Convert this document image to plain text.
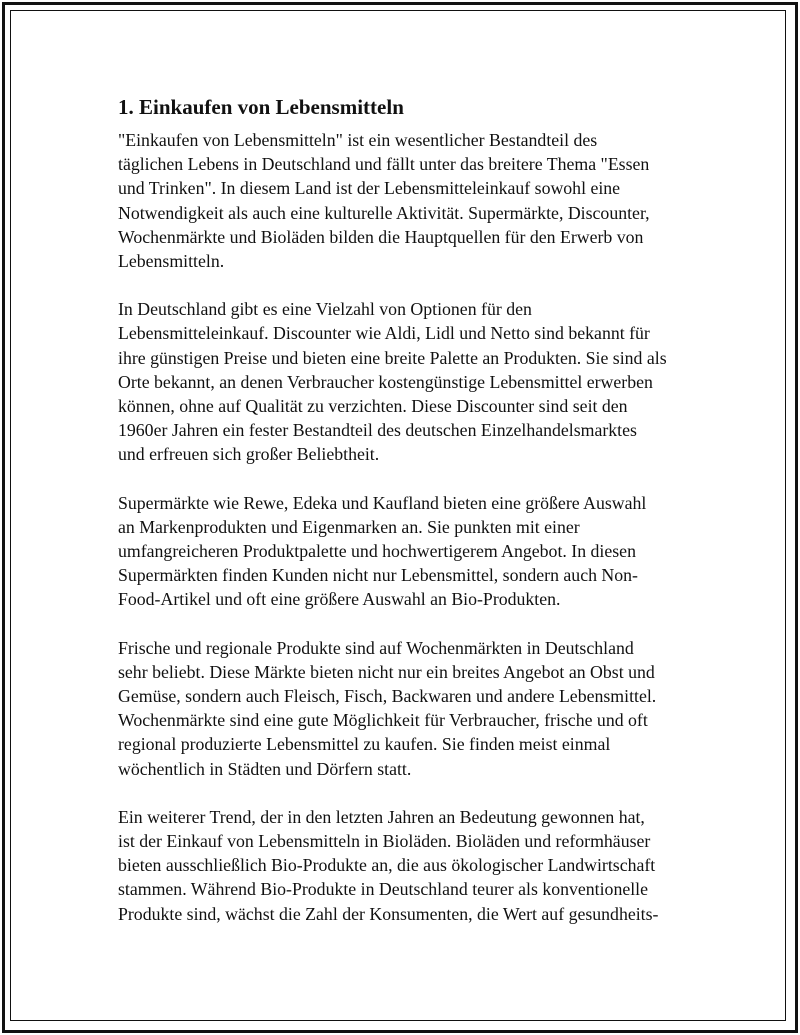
1. Einkaufen von Lebensmitteln

"Einkaufen von Lebensmitteln" ist ein wesentlicher Bestandteil des
täglichen Lebens in Deutschland und fällt unter das breitere Thema "Essen
und Trinken". In diesem Land ist der Lebensmitteleinkauf sowohl eine
Notwendigkeit als auch eine kulturelle Aktivität. Supermärkte, Discounter,
Wochenmärkte und Bioläden bilden die Hauptquellen für den Erwerb von
Lebensmitteln.

In Deutschland gibt es eine Vielzahl von Optionen für den
Lebensmitteleinkauf. Discounter wie Aldi, Lidl und Netto sind bekannt für
ihre günstigen Preise und bieten eine breite Palette an Produkten. Sie sind als
Orte bekannt, an denen Verbraucher kostengünstige Lebensmittel erwerben
können, ohne auf Qualität zu verzichten. Diese Discounter sind seit den
1960er Jahren ein fester Bestandteil des deutschen Einzelhandelsmarktes
und erfreuen sich großer Beliebtheit.

Supermärkte wie Rewe, Edeka und Kaufland bieten eine größere Auswahl
an Markenprodukten und Eigenmarken an. Sie punkten mit einer
umfangreicheren Produktpalette und hochwertigerem Angebot. In diesen
Supermärkten finden Kunden nicht nur Lebensmittel, sondern auch Non-
Food-Artikel und oft eine größere Auswahl an Bio-Produkten.

Frische und regionale Produkte sind auf Wochenmärkten in Deutschland
sehr beliebt. Diese Märkte bieten nicht nur ein breites Angebot an Obst und
Gemüse, sondern auch Fleisch, Fisch, Backwaren und andere Lebensmittel.
Wochenmärkte sind eine gute Möglichkeit für Verbraucher, frische und oft
regional produzierte Lebensmittel zu kaufen. Sie finden meist einmal
wöchentlich in Städten und Dörfern statt.

Ein weiterer Trend, der in den letzten Jahren an Bedeutung gewonnen hat,
ist der Einkauf von Lebensmitteln in Bioläden. Bioläden und reformhäuser
bieten ausschließlich Bio-Produkte an, die aus ökologischer Landwirtschaft
stammen. Während Bio-Produkte in Deutschland teurer als konventionelle
Produkte sind, wächst die Zahl der Konsumenten, die Wert auf gesundheits-
